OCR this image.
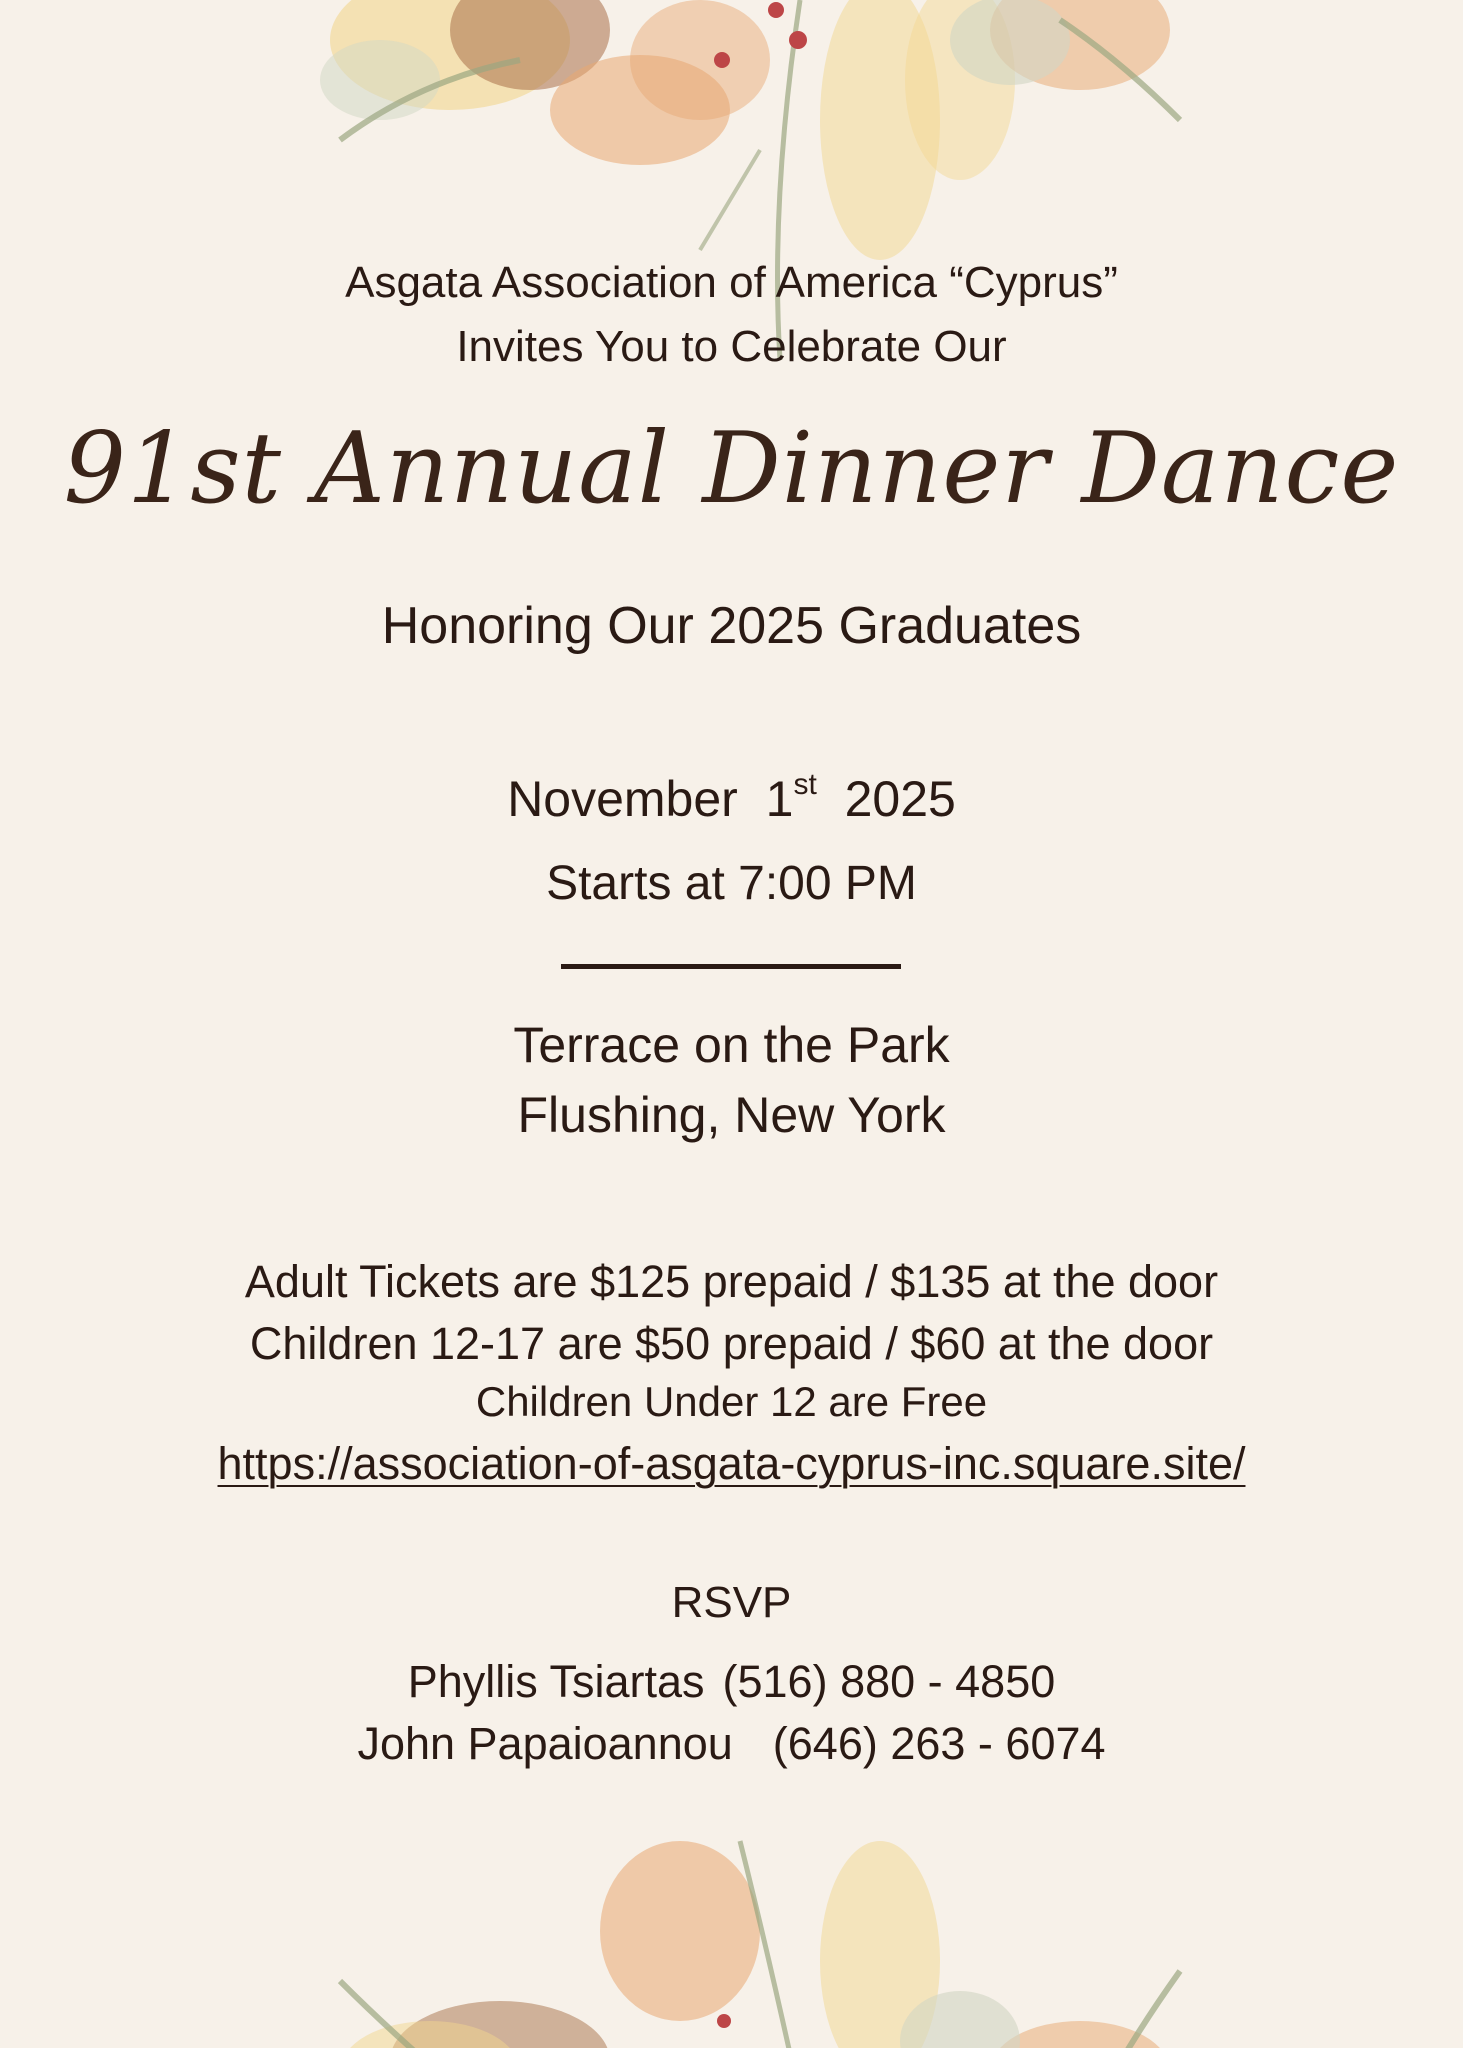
Asgata Association of America “Cyprus”
Invites You to Celebrate Our
91st Annual Dinner Dance
Honoring Our 2025 Graduates
November 1st 2025
Starts at 7:00 PM
Terrace on the Park
Flushing, New York
Adult Tickets are $125 prepaid / $135 at the door
Children 12-17 are $50 prepaid / $60 at the door
Children Under 12 are Free
https://association-of-asgata-cyprus-inc.square.site/
RSVP
Phyllis Tsiartas (516) 880 - 4850
John Papaioannou (646) 263 - 6074
